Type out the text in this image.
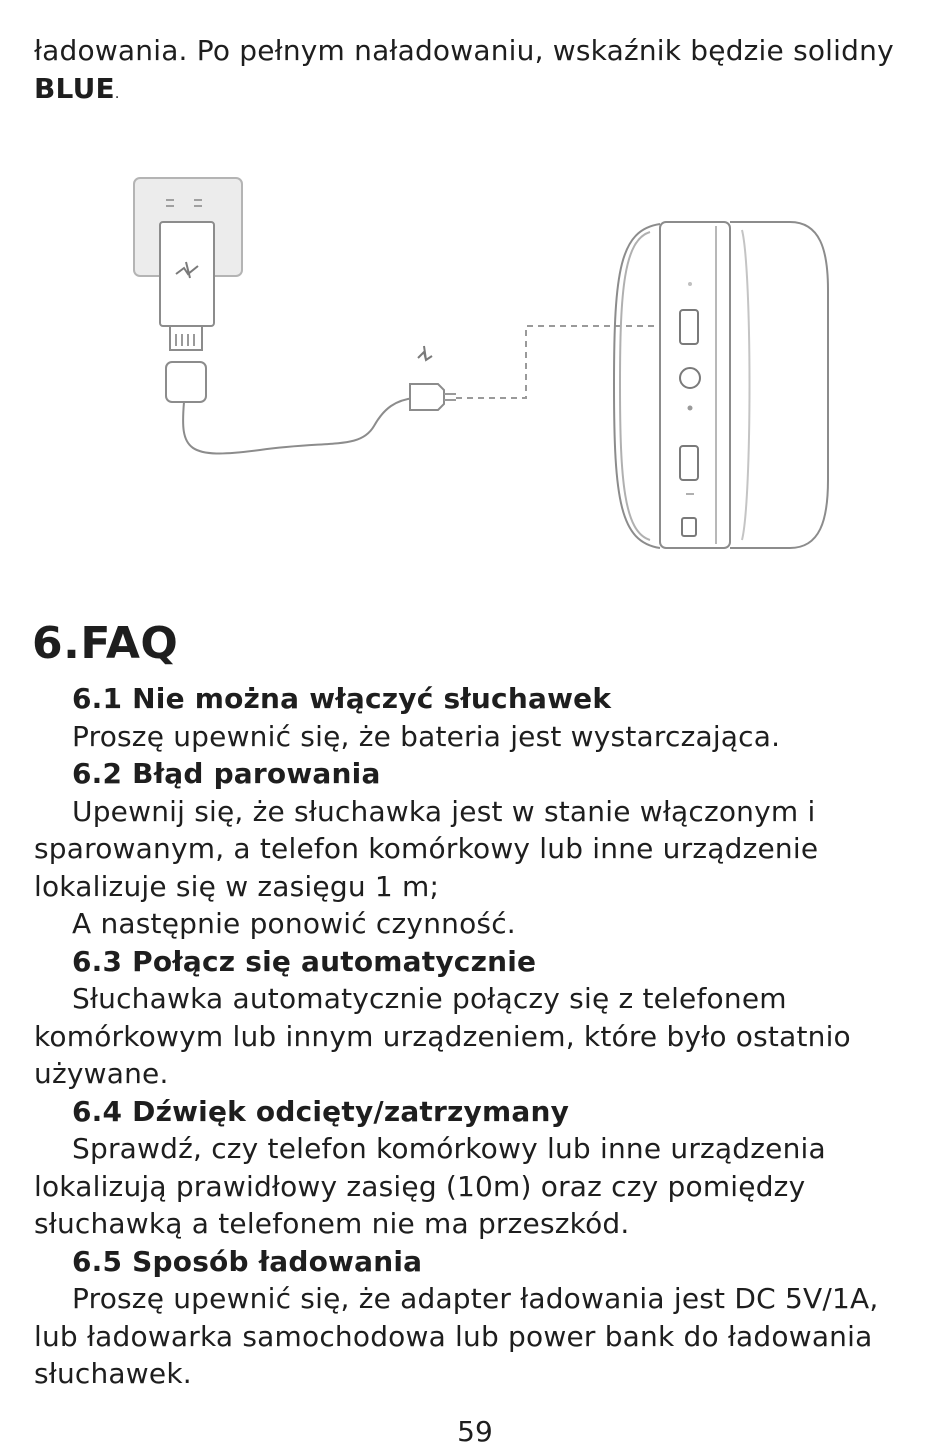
ładowania. Po pełnym naładowaniu, wskaźnik będzie solidny BLUE.

6.FAQ

6.1 Nie można włączyć słuchawek

Proszę upewnić się, że bateria jest wystarczająca.

6.2 Błąd parowania

Upewnij się, że słuchawka jest w stanie włączonym i sparowanym, a telefon komórkowy lub inne urządzenie lokalizuje się w zasięgu 1 m;

A następnie ponowić czynność.

6.3 Połącz się automatycznie

Słuchawka automatycznie połączy się z telefonem komórkowym lub innym urządzeniem, które było ostatnio używane.

6.4 Dźwięk odcięty/zatrzymany

Sprawdź, czy telefon komórkowy lub inne urządzenia lokalizują prawidłowy zasięg (10m) oraz czy pomiędzy słuchawką a telefonem nie ma przeszkód.

6.5 Sposób ładowania

Proszę upewnić się, że adapter ładowania jest DC 5V/1A, lub ładowarka samochodowa lub power bank do ładowania słuchawek.

59
